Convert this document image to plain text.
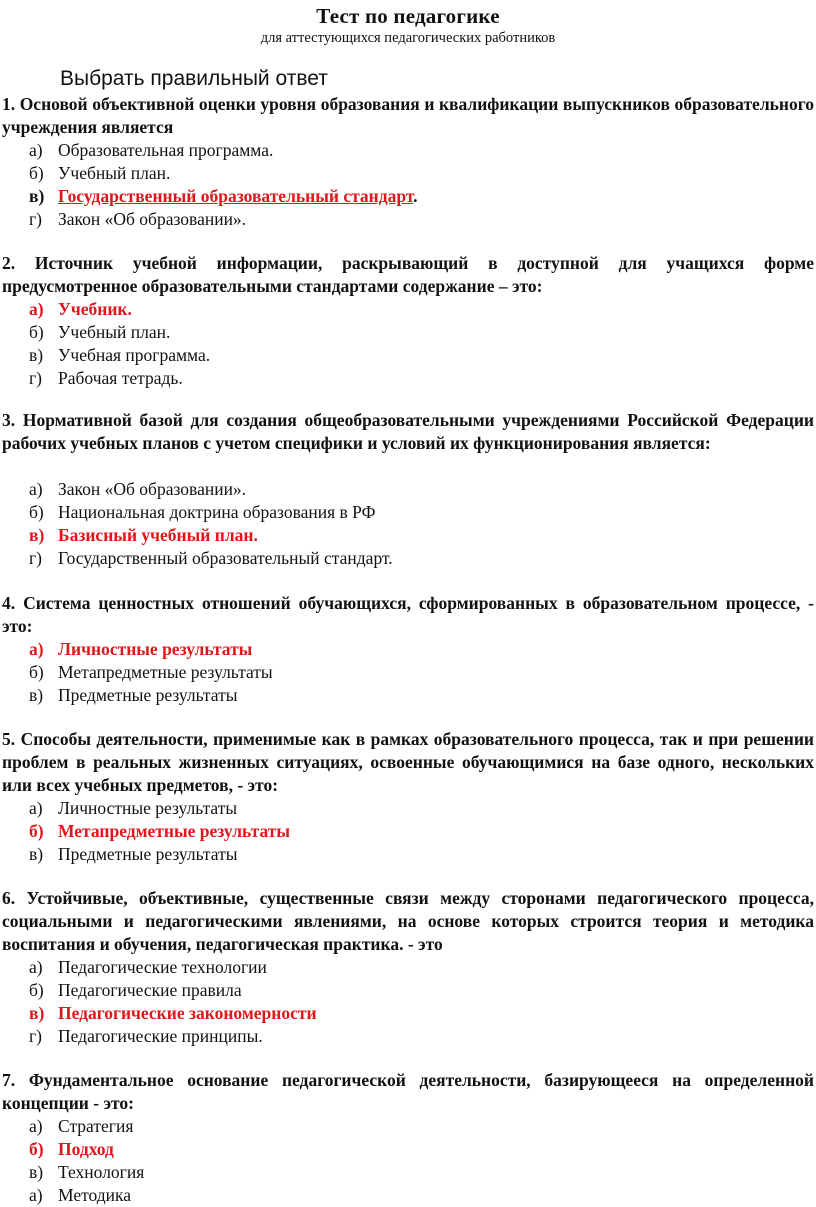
Тест по педагогике
для аттестующихся педагогических работников
Выбрать правильный ответ
1. Основой объективной оценки уровня образования и квалификации выпускников образовательного учреждения является
а) Образовательная программа.
б) Учебный план.
в) Государственный образовательный стандарт.
г) Закон «Об образовании».
2. Источник учебной информации, раскрывающий в доступной для учащихся форме предусмотренное образовательными стандартами содержание – это:
а) Учебник.
б) Учебный план.
в) Учебная программа.
г) Рабочая тетрадь.
3. Нормативной базой для создания общеобразовательными учреждениями Российской Федерации рабочих учебных планов с учетом специфики и условий их функционирования является:
а) Закон «Об образовании».
б) Национальная доктрина образования в РФ
в) Базисный учебный план.
г) Государственный образовательный стандарт.
4. Система ценностных отношений обучающихся, сформированных в образовательном процессе, - это:
а) Личностные результаты
б) Метапредметные результаты
в) Предметные результаты
5. Способы деятельности, применимые как в рамках образовательного процесса, так и при решении проблем в реальных жизненных ситуациях, освоенные обучающимися на базе одного, нескольких или всех учебных предметов, - это:
а) Личностные результаты
б) Метапредметные результаты
в) Предметные результаты
6. Устойчивые, объективные, существенные связи между сторонами педагогического процесса, социальными и педагогическими явлениями, на основе которых строится теория и методика воспитания и обучения, педагогическая практика. - это
а) Педагогические технологии
б) Педагогические правила
в) Педагогические закономерности
г) Педагогические принципы.
7. Фундаментальное основание педагогической деятельности, базирующееся на определенной концепции - это:
а) Стратегия
б) Подход
в) Технология
а) Методика
